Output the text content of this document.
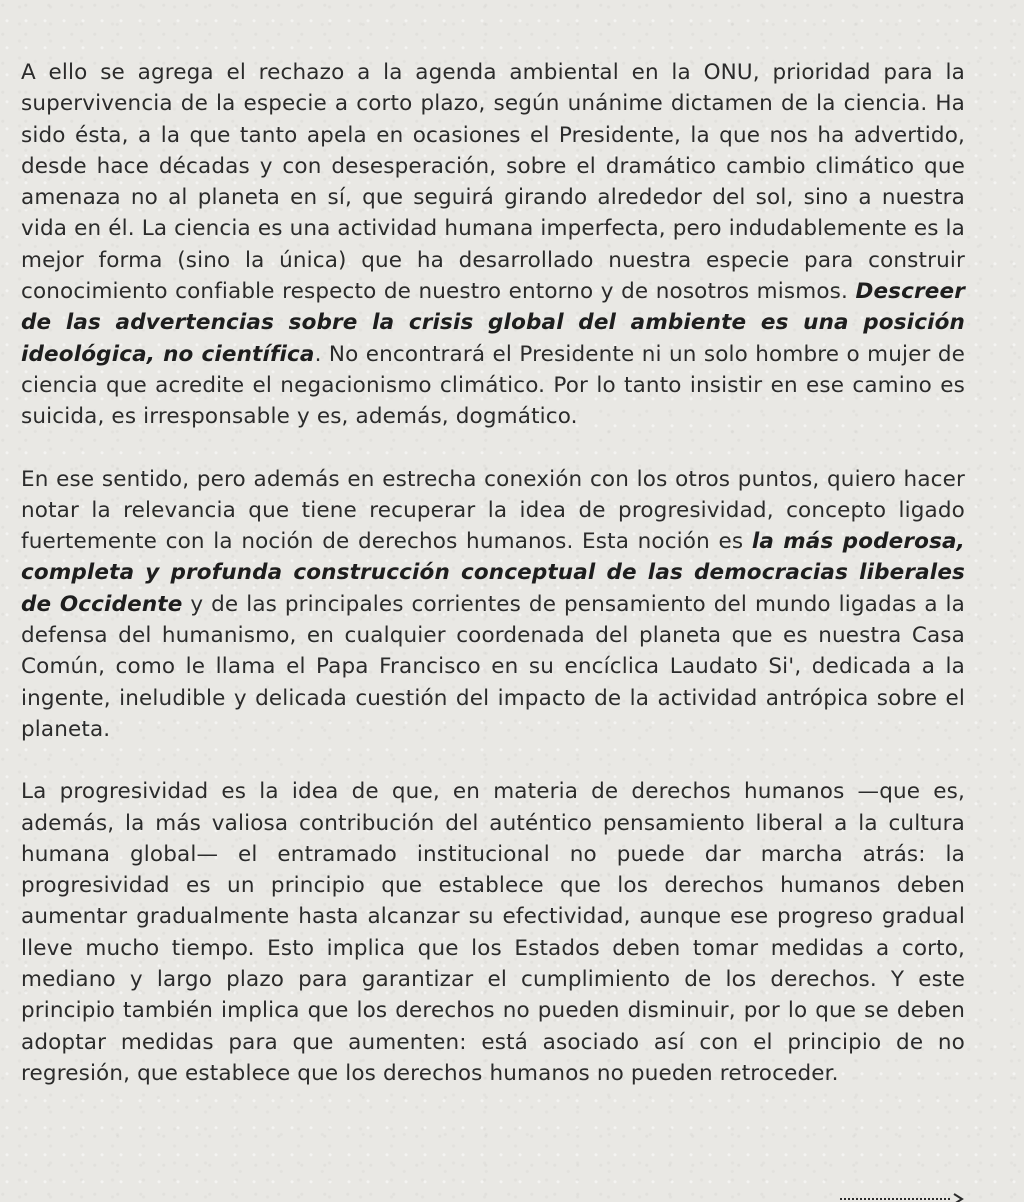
A ello se agrega el rechazo a la agenda ambiental en la ONU, prioridad para la supervivencia de la especie a corto plazo, según unánime dictamen de la ciencia. Ha sido ésta, a la que tanto apela en ocasiones el Presidente, la que nos ha advertido, desde hace décadas y con desesperación, sobre el dramático cambio climático que amenaza no al planeta en sí, que seguirá girando alrededor del sol, sino a nuestra vida en él. La ciencia es una actividad humana imperfecta, pero indudablemente es la mejor forma (sino la única) que ha desarrollado nuestra especie para construir conocimiento confiable respecto de nuestro entorno y de nosotros mismos. Descreer de las advertencias sobre la crisis global del ambiente es una posición ideológica, no científica. No encontrará el Presidente ni un solo hombre o mujer de ciencia que acredite el negacionismo climático. Por lo tanto insistir en ese camino es suicida, es irresponsable y es, además, dogmático.

En ese sentido, pero además en estrecha conexión con los otros puntos, quiero hacer notar la relevancia que tiene recuperar la idea de progresividad, concepto ligado fuertemente con la noción de derechos humanos. Esta noción es la más poderosa, completa y profunda construcción conceptual de las democracias liberales de Occidente y de las principales corrientes de pensamiento del mundo ligadas a la defensa del humanismo, en cualquier coordenada del planeta que es nuestra Casa Común, como le llama el Papa Francisco en su encíclica Laudato Si', dedicada a la ingente, ineludible y delicada cuestión del impacto de la actividad antrópica sobre el planeta.

La progresividad es la idea de que, en materia de derechos humanos —que es, además, la más valiosa contribución del auténtico pensamiento liberal a la cultura humana global— el entramado institucional no puede dar marcha atrás: la progresividad es un principio que establece que los derechos humanos deben aumentar gradualmente hasta alcanzar su efectividad, aunque ese progreso gradual lleve mucho tiempo. Esto implica que los Estados deben tomar medidas a corto, mediano y largo plazo para garantizar el cumplimiento de los derechos. Y este principio también implica que los derechos no pueden disminuir, por lo que se deben adoptar medidas para que aumenten: está asociado así con el principio de no regresión, que establece que los derechos humanos no pueden retroceder.
